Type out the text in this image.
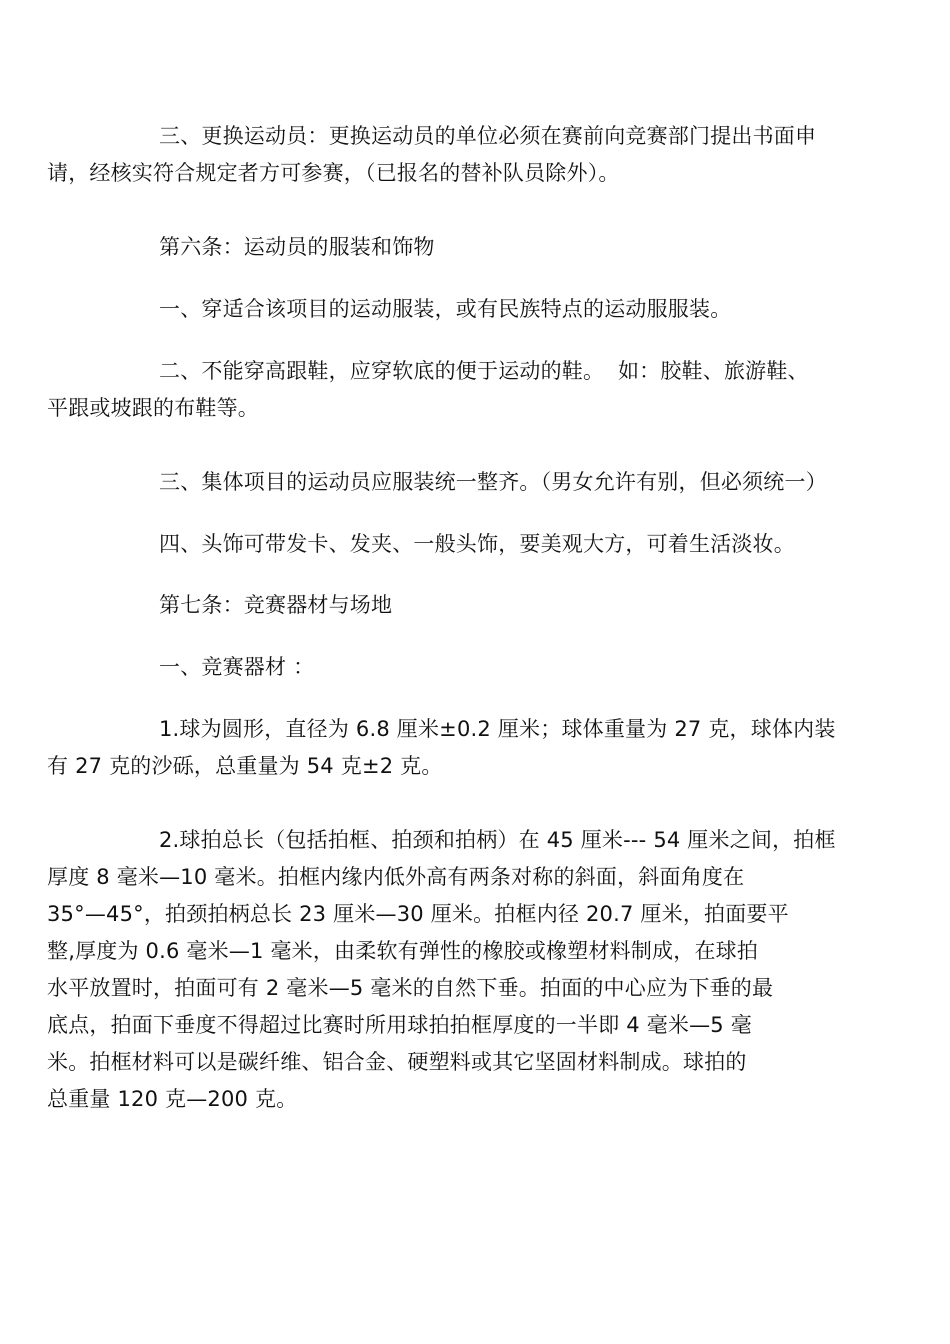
三、更换运动员：更换运动员的单位必须在赛前向竞赛部门提出书面申
请，经核实符合规定者方可参赛，（已报名的替补队员除外）。
第六条：运动员的服装和饰物
一、穿适合该项目的运动服装，或有民族特点的运动服服装。
二、不能穿高跟鞋，应穿软底的便于运动的鞋。  如：胶鞋、旅游鞋、
平跟或坡跟的布鞋等。
三、集体项目的运动员应服装统一整齐。（男女允许有别，但必须统一）
四、头饰可带发卡、发夹、一般头饰，要美观大方，可着生活淡妆。
第七条：竞赛器材与场地
一、竞赛器材 ：
1.球为圆形，直径为 6.8 厘米±0.2 厘米；球体重量为 27 克，球体内装
有 27 克的沙砾，总重量为 54 克±2 克。
2.球拍总长（包括拍框、拍颈和拍柄）在 45 厘米--- 54 厘米之间，拍框
厚度 8 毫米—10 毫米。拍框内缘内低外高有两条对称的斜面，斜面角度在
35°—45°，拍颈拍柄总长 23 厘米—30 厘米。拍框内径 20.7 厘米，拍面要平
整,厚度为 0.6 毫米—1 毫米，由柔软有弹性的橡胶或橡塑材料制成，在球拍
水平放置时，拍面可有 2 毫米—5 毫米的自然下垂。拍面的中心应为下垂的最
底点，拍面下垂度不得超过比赛时所用球拍拍框厚度的一半即 4 毫米—5 毫
米。拍框材料可以是碳纤维、铝合金、硬塑料或其它坚固材料制成。球拍的
总重量 120 克—200 克。
